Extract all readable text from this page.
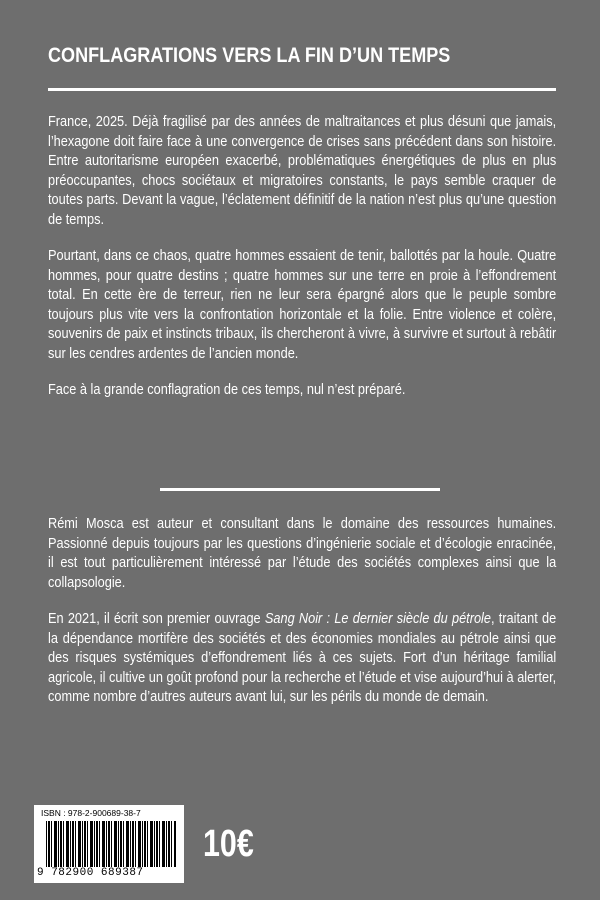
CONFLAGRATIONS VERS LA FIN D’UN TEMPS

France, 2025. Déjà fragilisé par des années de maltraitances et plus désuni que jamais, l’hexagone doit faire face à une convergence de crises sans précédent dans son histoire. Entre autoritarisme européen exacerbé, problématiques énergétiques de plus en plus préoccupantes, chocs sociétaux et migratoires constants, le pays semble craquer de toutes parts. Devant la vague, l’éclatement définitif de la nation n’est plus qu’une question de temps.

Pourtant, dans ce chaos, quatre hommes essaient de tenir, ballottés par la houle. Quatre hommes, pour quatre destins ; quatre hommes sur une terre en proie à l’effondrement total. En cette ère de terreur, rien ne leur sera épargné alors que le peuple sombre toujours plus vite vers la confrontation horizontale et la folie. Entre violence et colère, souvenirs de paix et instincts tribaux, ils chercheront à vivre, à survivre et surtout à rebâtir sur les cendres ardentes de l’ancien monde.

Face à la grande conflagration de ces temps, nul n’est préparé.

Rémi Mosca est auteur et consultant dans le domaine des ressources humaines. Passionné depuis toujours par les questions d’ingénierie sociale et d’écologie enracinée, il est tout particulièrement intéressé par l’étude des sociétés complexes ainsi que la collapsologie.

En 2021, il écrit son premier ouvrage Sang Noir : Le dernier siècle du pétrole, traitant de la dépendance mortifère des sociétés et des économies mondiales au pétrole ainsi que des risques systémiques d’effondrement liés à ces sujets. Fort d’un héritage familial agricole, il cultive un goût profond pour la recherche et l’étude et vise aujourd’hui à alerter, comme nombre d’autres auteurs avant lui, sur les périls du monde de demain.

ISBN : 978-2-900689-38-7
9 782900 689387
10€
